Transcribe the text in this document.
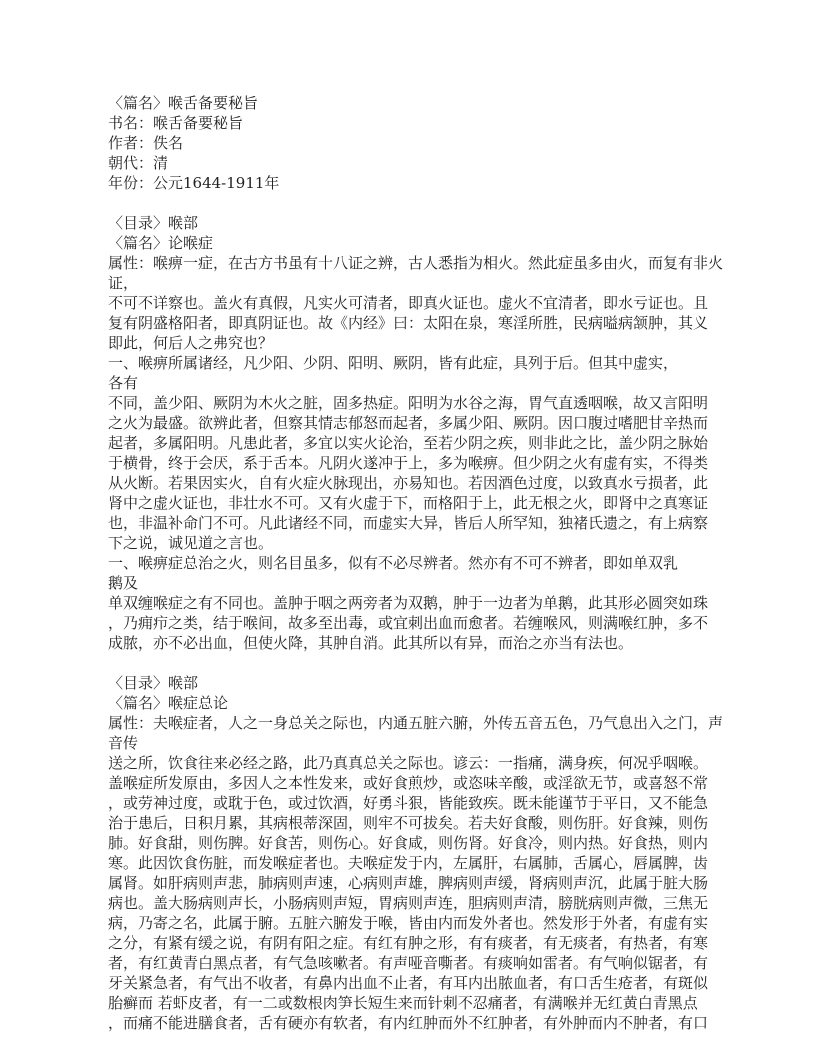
〈篇名〉喉舌备要秘旨
书名：喉舌备要秘旨
作者：佚名
朝代：清
年份：公元1644-1911年
〈目录〉喉部
〈篇名〉论喉症
属性：喉痹一症，在古方书虽有十八证之辨，古人悉指为相火。然此症虽多由火，而复有非火
证，
不可不详察也。盖火有真假，凡实火可清者，即真火证也。虚火不宜清者，即水亏证也。且
复有阴盛格阳者，即真阴证也。故《内经》曰：太阳在泉，寒淫所胜，民病嗌病颔肿，其义
即此，何后人之弗究也？
一、喉痹所属诸经，凡少阳、少阴、阳明、厥阴，皆有此症，具列于后。但其中虚实，
各有
不同，盖少阳、厥阴为木火之脏，固多热症。阳明为水谷之海，胃气直透咽喉，故又言阳明
之火为最盛。欲辨此者，但察其情志郁怒而起者，多属少阳、厥阴。因口腹过嗜肥甘辛热而
起者，多属阳明。凡患此者，多宜以实火论治，至若少阴之疾，则非此之比，盖少阴之脉始
于横骨，终于会厌，系于舌本。凡阴火遂冲于上，多为喉痹。但少阴之火有虚有实，不得类
从火断。若果因实火，自有火症火脉现出，亦易知也。若因酒色过度，以致真水亏损者，此
肾中之虚火证也，非壮水不可。又有火虚于下，而格阳于上，此无根之火，即肾中之真寒证
也，非温补命门不可。凡此诸经不同，而虚实大异，皆后人所罕知，独褚氏遗之，有上病察
下之说，诚见道之言也。
一、喉痹症总治之火，则名目虽多，似有不必尽辨者。然亦有不可不辨者，即如单双乳
鹅及
单双缠喉症之有不同也。盖肿于咽之两旁者为双鹅，肿于一边者为单鹅，此其形必圆突如珠
，乃痈疖之类，结于喉间，故多至出毒，或宜刺出血而愈者。若缠喉风，则满喉红肿，多不
成脓，亦不必出血，但使火降，其肿自消。此其所以有异，而治之亦当有法也。
〈目录〉喉部
〈篇名〉喉症总论
属性：夫喉症者，人之一身总关之际也，内通五脏六腑，外传五音五色，乃气息出入之门，声
音传
送之所，饮食往来必经之路，此乃真真总关之际也。谚云：一指痛，满身疾，何况乎咽喉。
盖喉症所发原由，多因人之本性发来，或好食煎炒，或恣味辛酸，或淫欲无节，或喜怒不常
，或劳神过度，或耽于色，或过饮酒，好勇斗狠，皆能致疾。既未能谨节于平日，又不能急
治于患后，日积月累，其病根蒂深固，则牢不可拔矣。若夫好食酸，则伤肝。好食辣，则伤
肺。好食甜，则伤脾。好食苦，则伤心。好食咸，则伤肾。好食冷，则内热。好食热，则内
寒。此因饮食伤脏，而发喉症者也。夫喉症发于内，左属肝，右属肺，舌属心，唇属脾，齿
属肾。如肝病则声悲，肺病则声速，心病则声雄，脾病则声缓，肾病则声沉，此属于脏大肠
病也。盖大肠病则声长，小肠病则声短，胃病则声连，胆病则声清，膀胱病则声微，三焦无
病，乃寄之名，此属于腑。五脏六腑发于喉，皆由内而发外者也。然发形于外者，有虚有实
之分，有紧有缓之说，有阴有阳之症。有红有肿之形，有有痰者，有无痰者，有热者，有寒
者，有红黄青白黑点者，有气急咳嗽者。有声哑音嘶者。有痰响如雷者。有气响似锯者，有
牙关紧急者，有气出不收者，有鼻内出血不止者，有耳内出脓血者，有口舌生疮者，有斑似
胎癣而 若虾皮者，有一二或数根肉笋长短生来而针刺不忍痛者，有满喉并无红黄白青黑点
，而痛不能进膳食者，舌有硬亦有软者，有内红肿而外不红肿者，有外肿而内不肿者，有口
